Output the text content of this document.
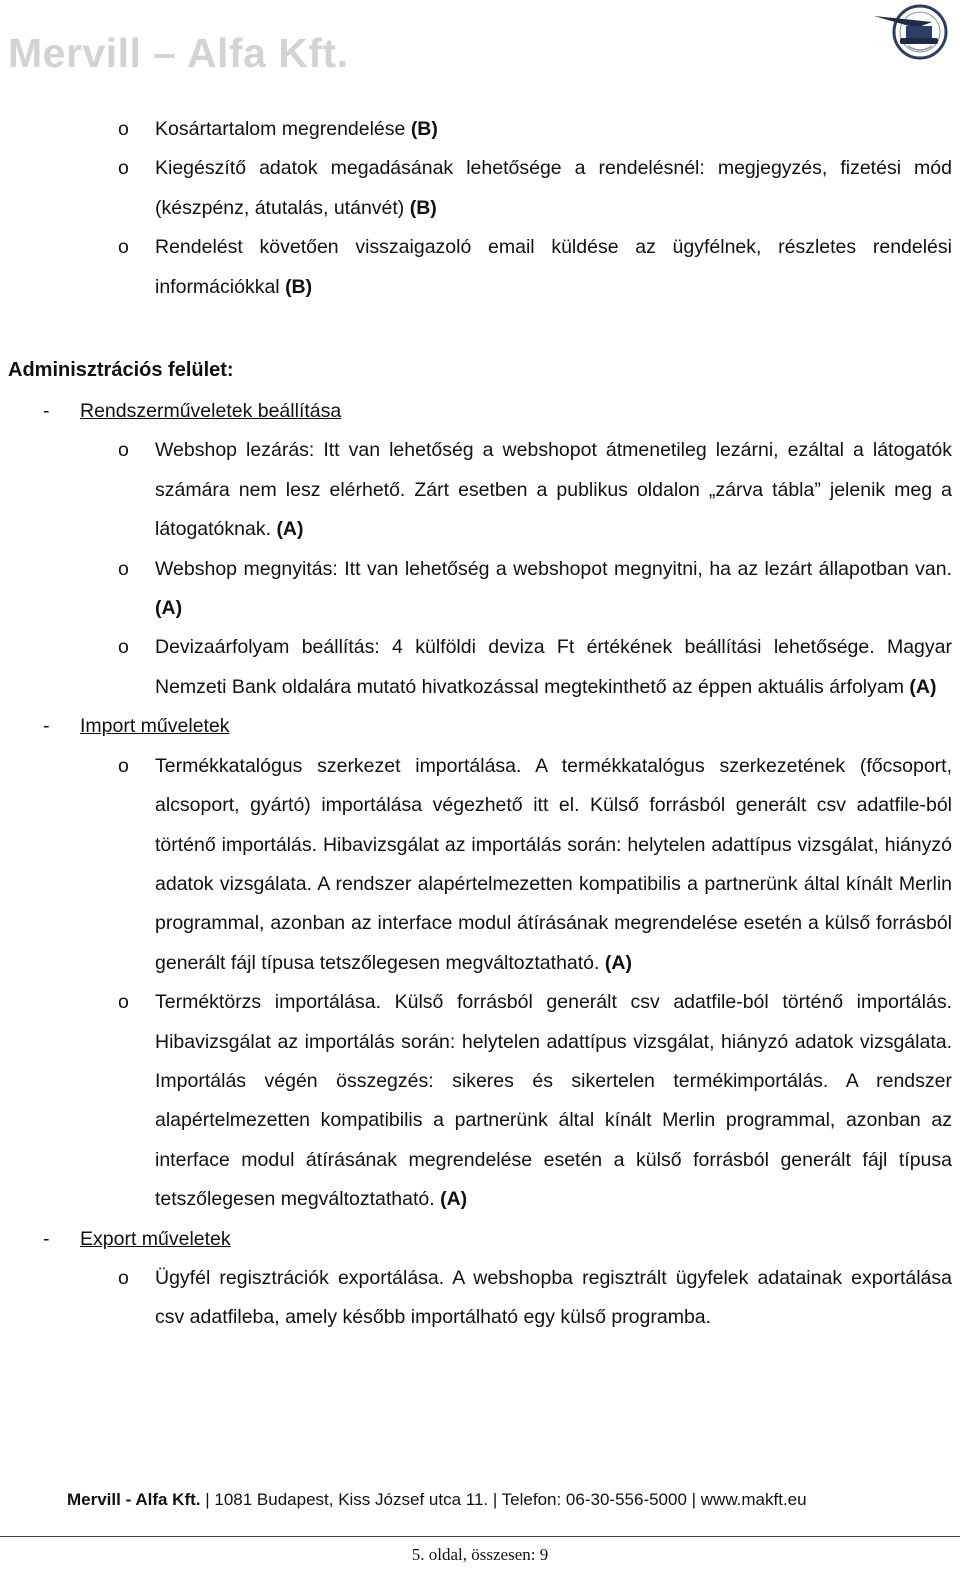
Mervill – Alfa Kft.
o Kosártartalom megrendelése (B)
o Kiegészítő adatok megadásának lehetősége a rendelésnél: megjegyzés, fizetési mód (készpénz, átutalás, utánvét) (B)
o Rendelést követően visszaigazoló email küldése az ügyfélnek, részletes rendelési információkkal (B)
Adminisztrációs felület:
- Rendszerműveletek beállítása
o Webshop lezárás: Itt van lehetőség a webshopot átmenetileg lezárni, ezáltal a látogatók számára nem lesz elérhető. Zárt esetben a publikus oldalon „zárva tábla” jelenik meg a látogatóknak. (A)
o Webshop megnyitás: Itt van lehetőség a webshopot megnyitni, ha az lezárt állapotban van. (A)
o Devizaárfolyam beállítás: 4 külföldi deviza Ft értékének beállítási lehetősége. Magyar Nemzeti Bank oldalára mutató hivatkozással megtekinthető az éppen aktuális árfolyam (A)
- Import műveletek
o Termékkatalógus szerkezet importálása. A termékkatalógus szerkezetének (főcsoport, alcsoport, gyártó) importálása végezhető itt el. Külső forrásból generált csv adatfile-ból történő importálás. Hibavizsgálat az importálás során: helytelen adattípus vizsgálat, hiányzó adatok vizsgálata. A rendszer alapértelmezetten kompatibilis a partnerünk által kínált Merlin programmal, azonban az interface modul átírásának megrendelése esetén a külső forrásból generált fájl típusa tetszőlegesen megváltoztatható. (A)
o Terméktörzs importálása. Külső forrásból generált csv adatfile-ból történő importálás. Hibavizsgálat az importálás során: helytelen adattípus vizsgálat, hiányzó adatok vizsgálata. Importálás végén összegzés: sikeres és sikertelen termékimportálás. A rendszer alapértelmezetten kompatibilis a partnerünk által kínált Merlin programmal, azonban az interface modul átírásának megrendelése esetén a külső forrásból generált fájl típusa tetszőlegesen megváltoztatható. (A)
- Export műveletek
o Ügyfél regisztrációk exportálása. A webshopba regisztrált ügyfelek adatainak exportálása csv adatfileba, amely később importálható egy külső programba.
Mervill - Alfa Kft. | 1081 Budapest, Kiss József utca 11. | Telefon: 06-30-556-5000 | www.makft.eu
5. oldal, összesen: 9
